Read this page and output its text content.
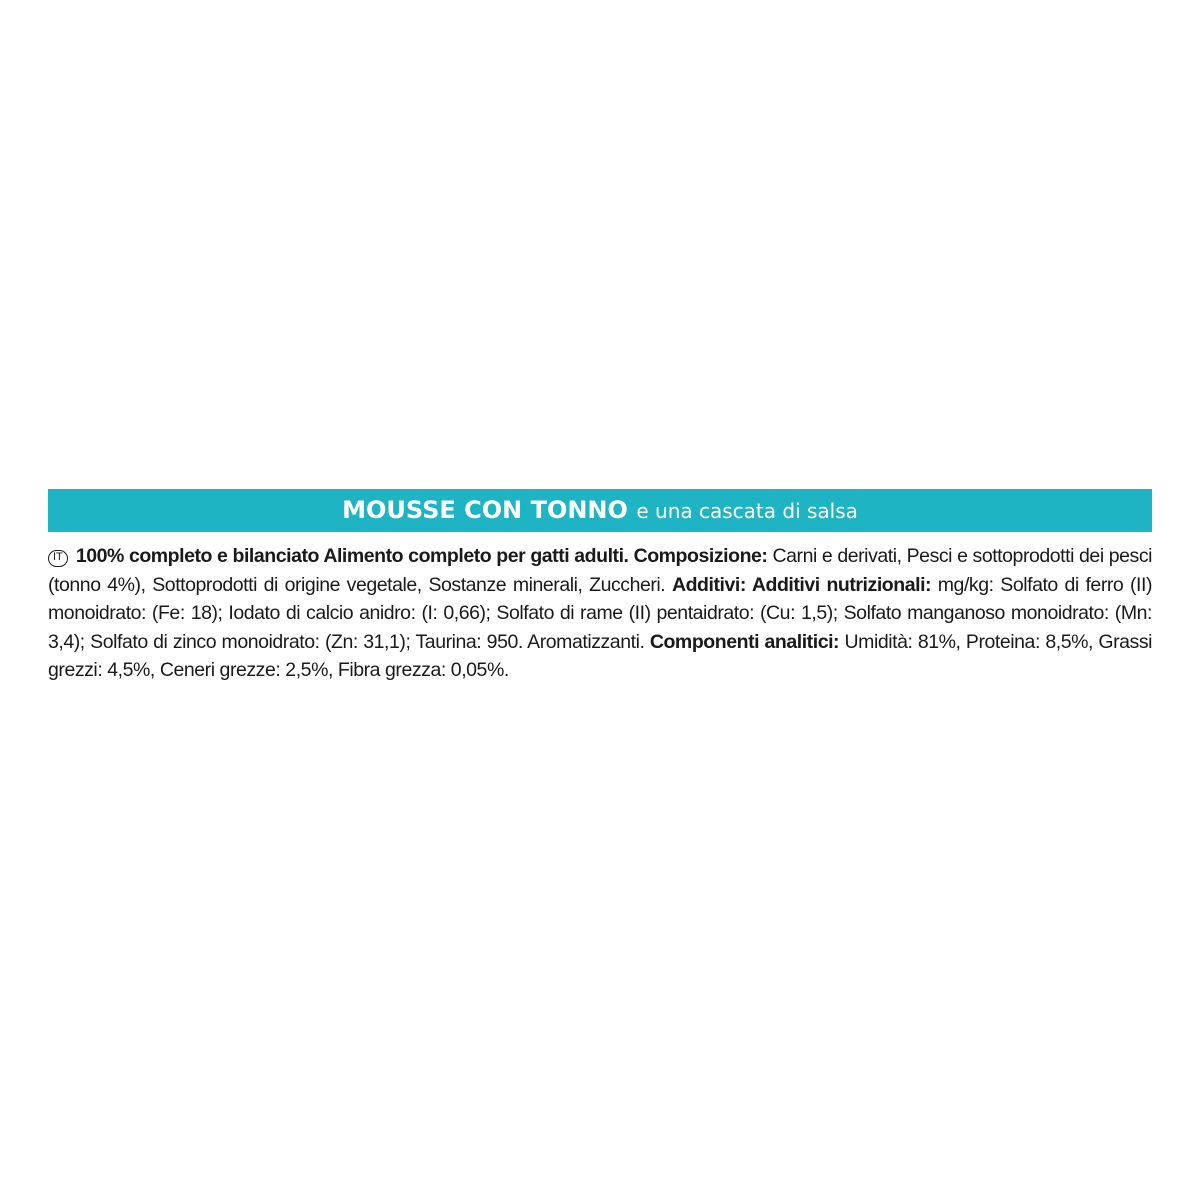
MOUSSE CON TONNO e una cascata di salsa
IT 100% completo e bilanciato Alimento completo per gatti adulti. Composizione: Carni e derivati, Pesci e sottoprodotti dei pesci (tonno 4%), Sottoprodotti di origine vegetale, Sostanze minerali, Zuccheri. Additivi: Additivi nutrizionali: mg/kg: Solfato di ferro (II) monoidrato: (Fe: 18); Iodato di calcio anidro: (I: 0,66); Solfato di rame (II) pentaidrato: (Cu: 1,5); Solfato manganoso monoidrato: (Mn: 3,4); Solfato di zinco monoidrato: (Zn: 31,1); Taurina: 950. Aromatizzanti. Componenti analitici: Umidità: 81%, Proteina: 8,5%, Grassi grezzi: 4,5%, Ceneri grezze: 2,5%, Fibra grezza: 0,05%.
